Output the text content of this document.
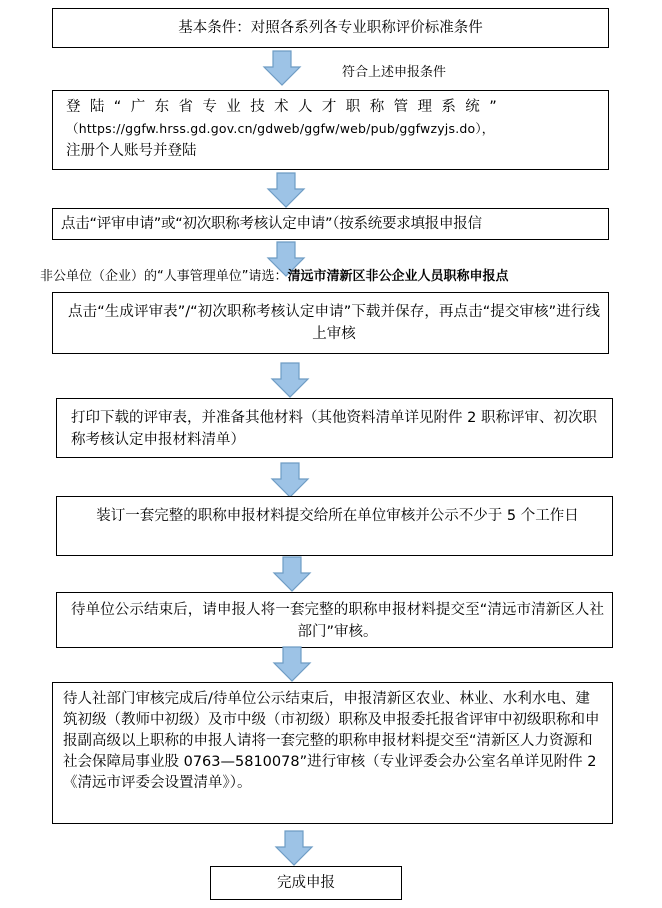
基本条件：对照各系列各专业职称评价标准条件
符合上述申报条件
登陆“广东省专业技术人才职称管理系统”
（https://ggfw.hrss.gd.gov.cn/gdweb/ggfw/web/pub/ggfwzyjs.do），
注册个人账号并登陆
点击“评审申请”或“初次职称考核认定申请”（按系统要求填报申报信
非公单位（企业）的“人事管理单位”请选：清远市清新区非公企业人员职称申报点
点击“生成评审表”/“初次职称考核认定申请”下载并保存，再点击“提交审核”进行线上审核
打印下载的评审表，并准备其他材料（其他资料清单详见附件 2 职称评审、初次职称考核认定申报材料清单）
装订一套完整的职称申报材料提交给所在单位审核并公示不少于 5 个工作日
待单位公示结束后，请申报人将一套完整的职称申报材料提交至“清远市清新区人社部门”审核。
待人社部门审核完成后/待单位公示结束后，申报清新区农业、林业、水利水电、建筑初级（教师中初级）及市中级（市初级）职称及申报委托报省评审中初级职称和申报副高级以上职称的申报人请将一套完整的职称申报材料提交至“清新区人力资源和社会保障局事业股 0763—5810078”进行审核（专业评委会办公室名单详见附件 2《清远市评委会设置清单》）。
完成申报
